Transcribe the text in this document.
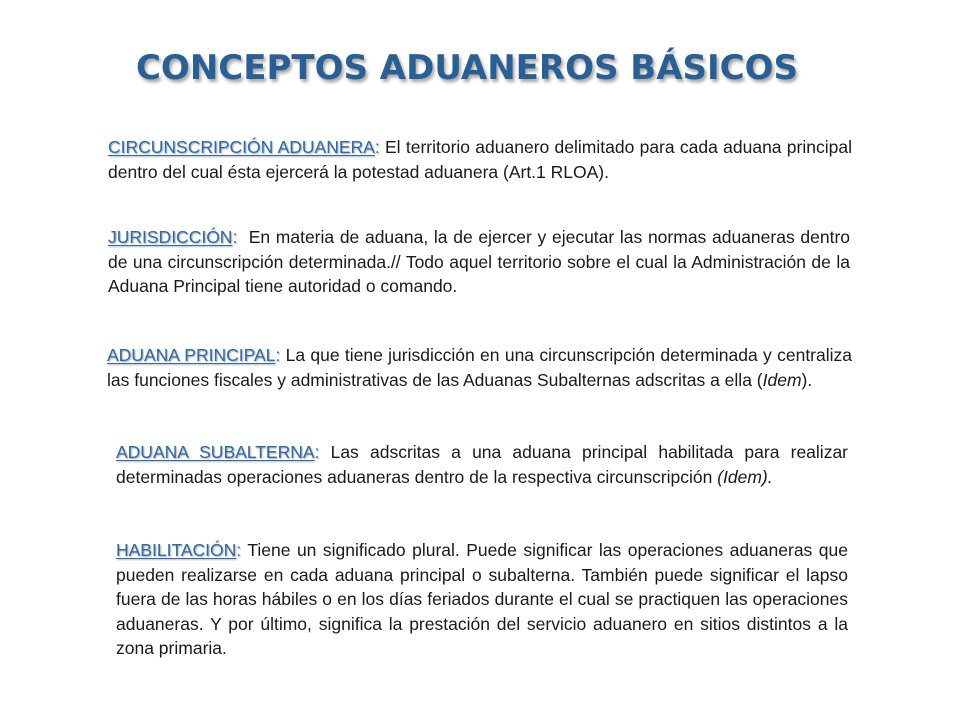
CONCEPTOS ADUANEROS BÁSICOS

CIRCUNSCRIPCIÓN ADUANERA: El territorio aduanero delimitado para cada aduana principal dentro del cual ésta ejercerá la potestad aduanera (Art.1 RLOA).

JURISDICCIÓN:  En materia de aduana, la de ejercer y ejecutar las normas aduaneras dentro de una circunscripción determinada.// Todo aquel territorio sobre el cual la Administración de la Aduana Principal tiene autoridad o comando.

ADUANA PRINCIPAL: La que tiene jurisdicción en una circunscripción determinada y centraliza las funciones fiscales y administrativas de las Aduanas Subalternas adscritas a ella (Idem).

ADUANA SUBALTERNA: Las adscritas a una aduana principal habilitada para realizar determinadas operaciones aduaneras dentro de la respectiva circunscripción (Idem).

HABILITACIÓN: Tiene un significado plural. Puede significar las operaciones aduaneras que pueden realizarse en cada aduana principal o subalterna. También puede significar el lapso fuera de las horas hábiles o en los días feriados durante el cual se practiquen las operaciones aduaneras. Y por último, significa la prestación del servicio aduanero en sitios distintos a la zona primaria.
